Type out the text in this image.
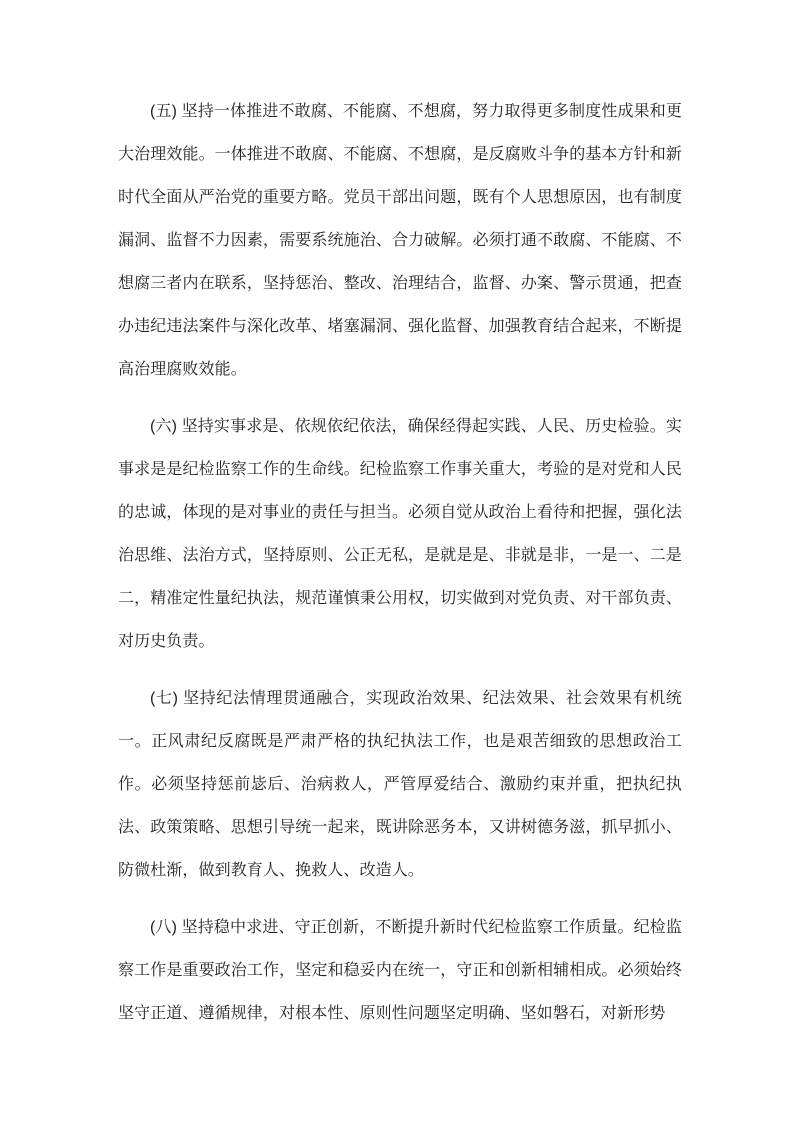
(五) 坚持一体推进不敢腐、不能腐、不想腐，努力取得更多制度性成果和更大治理效能。一体推进不敢腐、不能腐、不想腐，是反腐败斗争的基本方针和新时代全面从严治党的重要方略。党员干部出问题，既有个人思想原因，也有制度漏洞、监督不力因素，需要系统施治、合力破解。必须打通不敢腐、不能腐、不想腐三者内在联系，坚持惩治、整改、治理结合，监督、办案、警示贯通，把查办违纪违法案件与深化改革、堵塞漏洞、强化监督、加强教育结合起来，不断提高治理腐败效能。

(六) 坚持实事求是、依规依纪依法，确保经得起实践、人民、历史检验。实事求是是纪检监察工作的生命线。纪检监察工作事关重大，考验的是对党和人民的忠诚，体现的是对事业的责任与担当。必须自觉从政治上看待和把握，强化法治思维、法治方式，坚持原则、公正无私，是就是是、非就是非，一是一、二是二，精准定性量纪执法，规范谨慎秉公用权，切实做到对党负责、对干部负责、对历史负责。

(七) 坚持纪法情理贯通融合，实现政治效果、纪法效果、社会效果有机统一。正风肃纪反腐既是严肃严格的执纪执法工作，也是艰苦细致的思想政治工作。必须坚持惩前毖后、治病救人，严管厚爱结合、激励约束并重，把执纪执法、政策策略、思想引导统一起来，既讲除恶务本，又讲树德务滋，抓早抓小、防微杜渐，做到教育人、挽救人、改造人。

(八) 坚持稳中求进、守正创新，不断提升新时代纪检监察工作质量。纪检监察工作是重要政治工作，坚定和稳妥内在统一，守正和创新相辅相成。必须始终坚守正道、遵循规律，对根本性、原则性问题坚定明确、坚如磐石，对新形势
